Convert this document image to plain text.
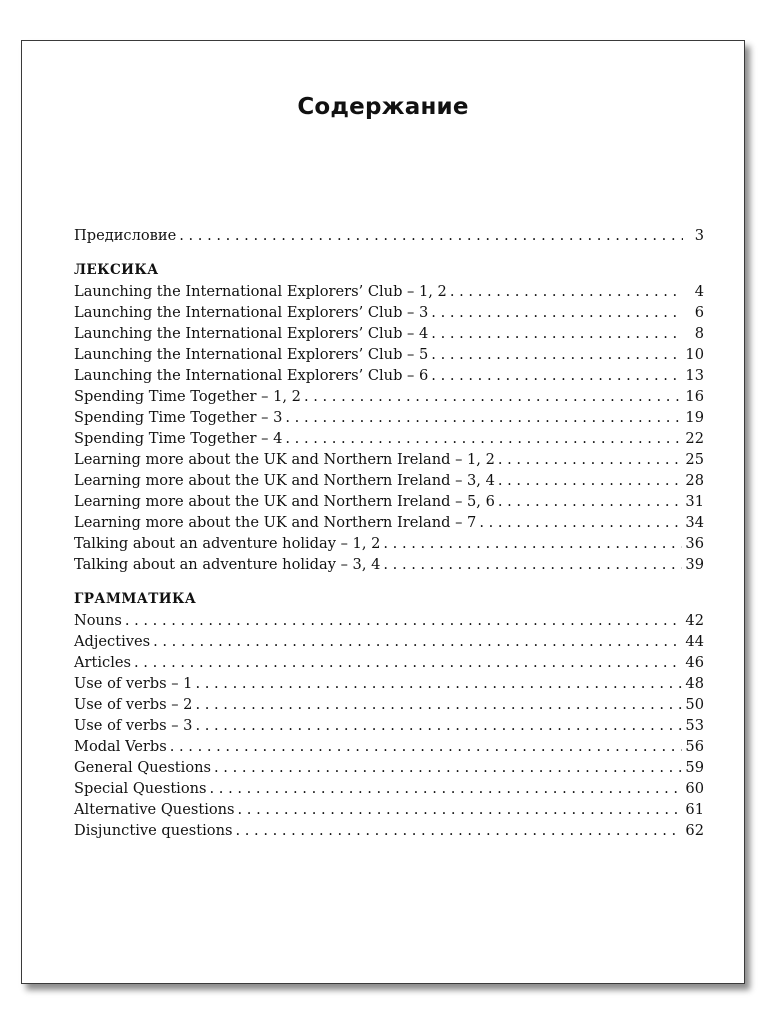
Содержание
Предисловие . . .	3
ЛЕКСИКА
Launching the International Explorers’ Club – 1, 2 . . .	4
Launching the International Explorers’ Club – 3 . . .	6
Launching the International Explorers’ Club – 4 . . .	8
Launching the International Explorers’ Club – 5 . . .	10
Launching the International Explorers’ Club – 6 . . .	13
Spending Time Together – 1, 2 . . .	16
Spending Time Together – 3 . . .	19
Spending Time Together – 4 . . .	22
Learning more about the UK and Northern Ireland – 1, 2 . . .	25
Learning more about the UK and Northern Ireland – 3, 4 . . .	28
Learning more about the UK and Northern Ireland – 5, 6 . . .	31
Learning more about the UK and Northern Ireland – 7 . . .	34
Talking about an adventure holiday – 1, 2 . . .	36
Talking about an adventure holiday – 3, 4 . . .	39
ГРАММАТИКА
Nouns . . .	42
Adjectives . . .	44
Articles . . .	46
Use of verbs – 1 . . .	48
Use of verbs – 2 . . .	50
Use of verbs – 3 . . .	53
Modal Verbs . . .	56
General Questions . . .	59
Special Questions . . .	60
Alternative Questions . . .	61
Disjunctive questions . . .	62
